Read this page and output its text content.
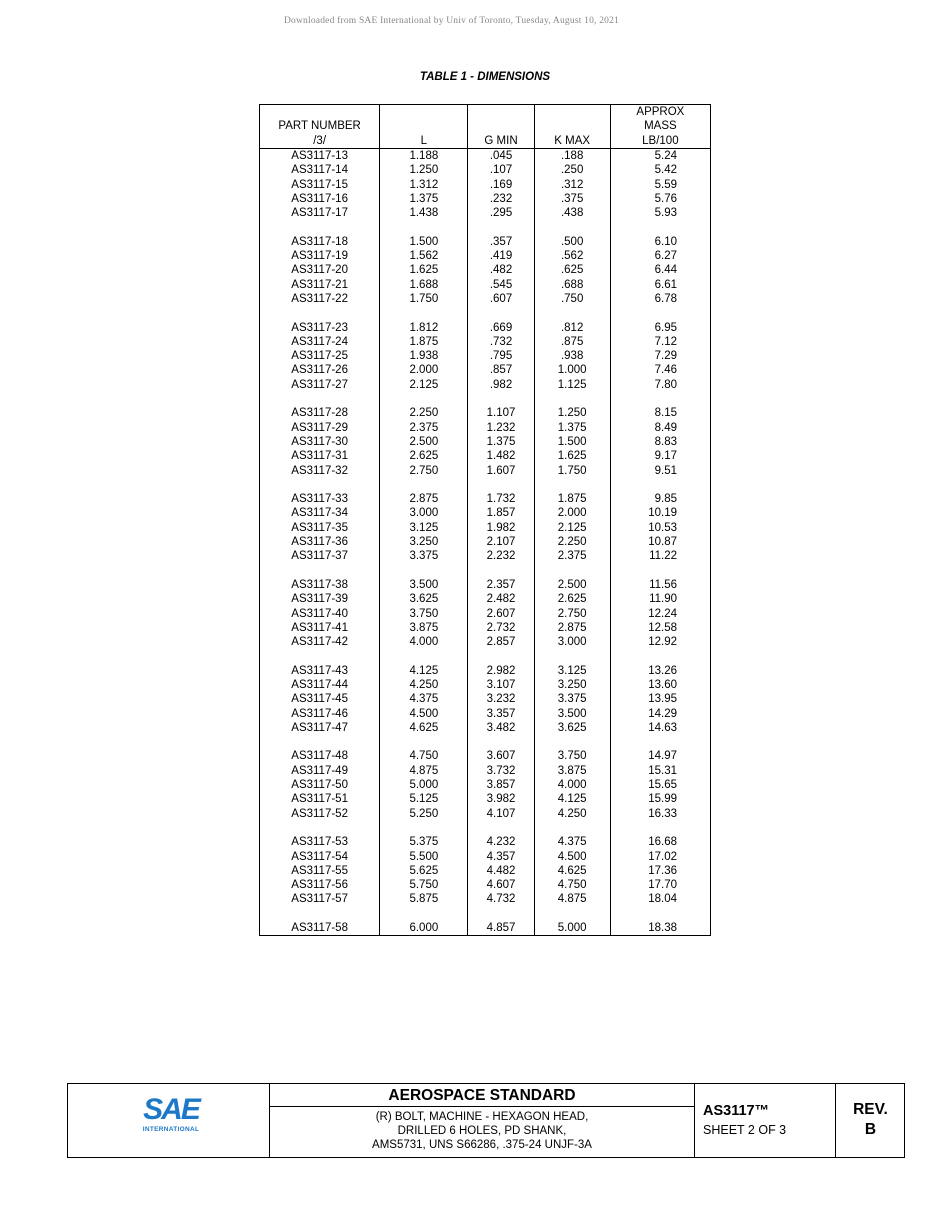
Downloaded from SAE International by Univ of Toronto, Tuesday, August 10, 2021
TABLE 1 - DIMENSIONS
PART NUMBER
/3/	L	G MIN	K MAX	APPROX
MASS
LB/100

AS3117-13	1.188	.045	.188	5.24
AS3117-14	1.250	.107	.250	5.42
AS3117-15	1.312	.169	.312	5.59
AS3117-16	1.375	.232	.375	5.76
AS3117-17	1.438	.295	.438	5.93

AS3117-18	1.500	.357	.500	6.10
AS3117-19	1.562	.419	.562	6.27
AS3117-20	1.625	.482	.625	6.44
AS3117-21	1.688	.545	.688	6.61
AS3117-22	1.750	.607	.750	6.78

AS3117-23	1.812	.669	.812	6.95
AS3117-24	1.875	.732	.875	7.12
AS3117-25	1.938	.795	.938	7.29
AS3117-26	2.000	.857	1.000	7.46
AS3117-27	2.125	.982	1.125	7.80

AS3117-28	2.250	1.107	1.250	8.15
AS3117-29	2.375	1.232	1.375	8.49
AS3117-30	2.500	1.375	1.500	8.83
AS3117-31	2.625	1.482	1.625	9.17
AS3117-32	2.750	1.607	1.750	9.51

AS3117-33	2.875	1.732	1.875	9.85
AS3117-34	3.000	1.857	2.000	10.19
AS3117-35	3.125	1.982	2.125	10.53
AS3117-36	3.250	2.107	2.250	10.87
AS3117-37	3.375	2.232	2.375	11.22

AS3117-38	3.500	2.357	2.500	11.56
AS3117-39	3.625	2.482	2.625	11.90
AS3117-40	3.750	2.607	2.750	12.24
AS3117-41	3.875	2.732	2.875	12.58
AS3117-42	4.000	2.857	3.000	12.92

AS3117-43	4.125	2.982	3.125	13.26
AS3117-44	4.250	3.107	3.250	13.60
AS3117-45	4.375	3.232	3.375	13.95
AS3117-46	4.500	3.357	3.500	14.29
AS3117-47	4.625	3.482	3.625	14.63

AS3117-48	4.750	3.607	3.750	14.97
AS3117-49	4.875	3.732	3.875	15.31
AS3117-50	5.000	3.857	4.000	15.65
AS3117-51	5.125	3.982	4.125	15.99
AS3117-52	5.250	4.107	4.250	16.33

AS3117-53	5.375	4.232	4.375	16.68
AS3117-54	5.500	4.357	4.500	17.02
AS3117-55	5.625	4.482	4.625	17.36
AS3117-56	5.750	4.607	4.750	17.70
AS3117-57	5.875	4.732	4.875	18.04

AS3117-58	6.000	4.857	5.000	18.38
SAE
INTERNATIONAL
AEROSPACE STANDARD
(R) BOLT, MACHINE - HEXAGON HEAD,
DRILLED 6 HOLES, PD SHANK,
AMS5731, UNS S66286, .375-24 UNJF-3A
AS3117™
SHEET 2 OF 3
REV.
B
